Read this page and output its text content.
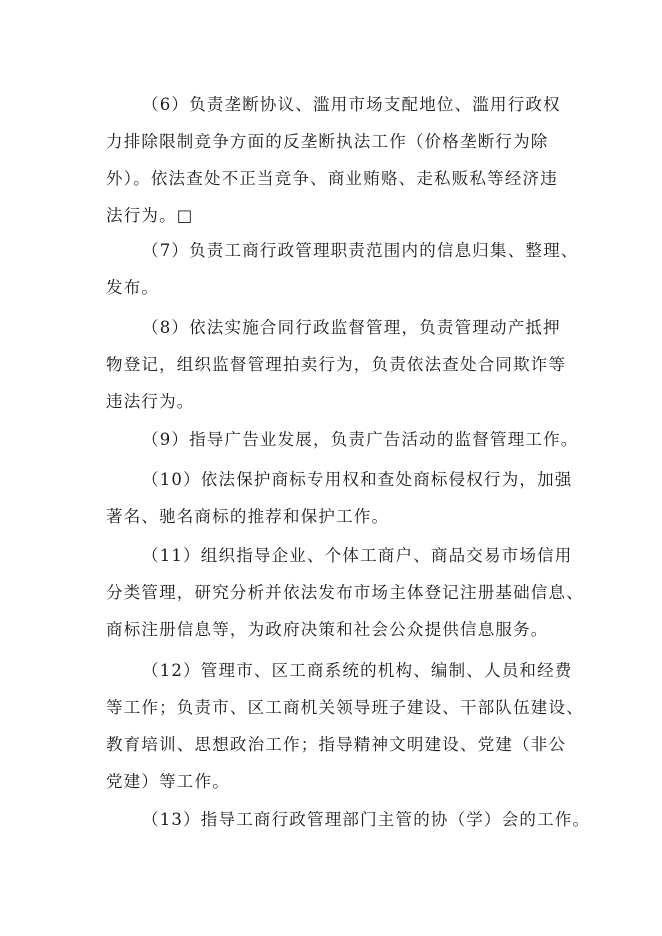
（6）负责垄断协议、滥用市场支配地位、滥用行政权
力排除限制竞争方面的反垄断执法工作（价格垄断行为除
外）。依法查处不正当竞争、商业贿赂、走私贩私等经济违
法行为。□
（7）负责工商行政管理职责范围内的信息归集、整理、
发布。
（8）依法实施合同行政监督管理，负责管理动产抵押
物登记，组织监督管理拍卖行为，负责依法查处合同欺诈等
违法行为。
（9）指导广告业发展，负责广告活动的监督管理工作。
（10）依法保护商标专用权和查处商标侵权行为，加强
著名、驰名商标的推荐和保护工作。
（11）组织指导企业、个体工商户、商品交易市场信用
分类管理，研究分析并依法发布市场主体登记注册基础信息、
商标注册信息等，为政府决策和社会公众提供信息服务。
（12）管理市、区工商系统的机构、编制、人员和经费
等工作；负责市、区工商机关领导班子建设、干部队伍建设、
教育培训、思想政治工作；指导精神文明建设、党建（非公
党建）等工作。
（13）指导工商行政管理部门主管的协（学）会的工作。
